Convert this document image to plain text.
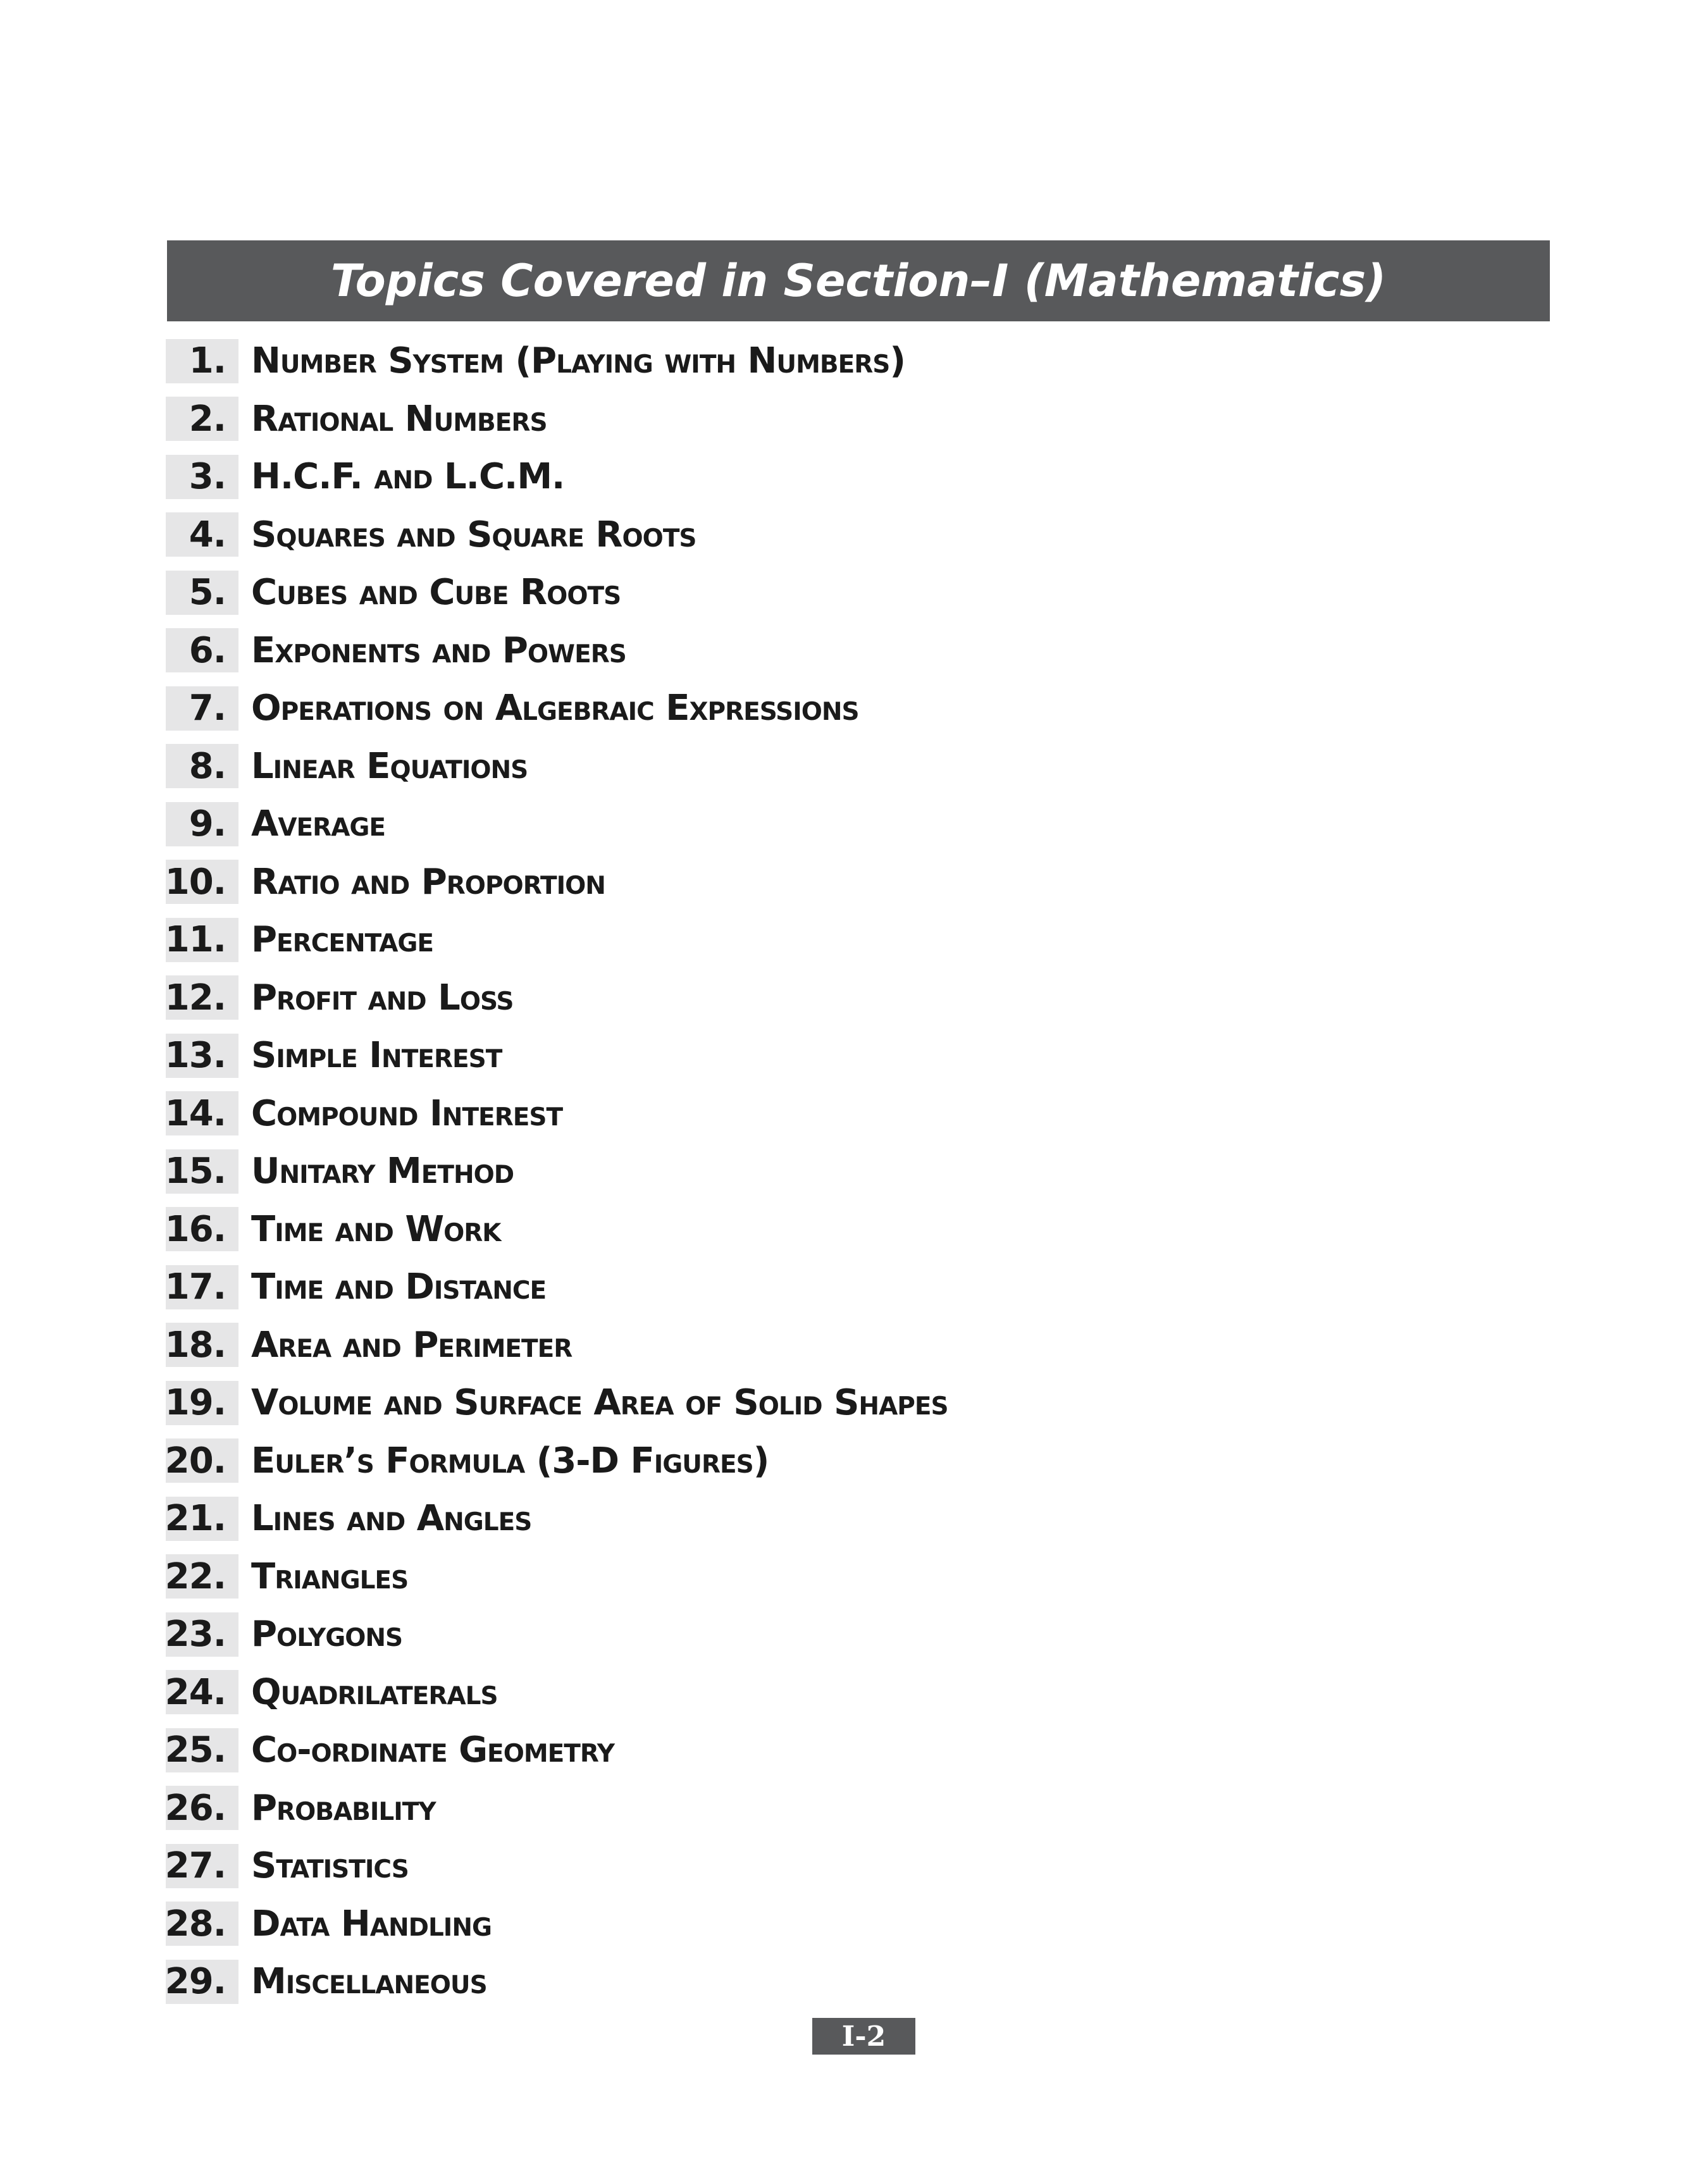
Topics Covered in Section–I (Mathematics)
1. Number System (Playing with Numbers)
2. Rational Numbers
3. H.C.F. and L.C.M.
4. Squares and Square Roots
5. Cubes and Cube Roots
6. Exponents and Powers
7. Operations on Algebraic Expressions
8. Linear Equations
9. Average
10. Ratio and Proportion
11. Percentage
12. Profit and Loss
13. Simple Interest
14. Compound Interest
15. Unitary Method
16. Time and Work
17. Time and Distance
18. Area and Perimeter
19. Volume and Surface Area of Solid Shapes
20. Euler’s Formula (3-D Figures)
21. Lines and Angles
22. Triangles
23. Polygons
24. Quadrilaterals
25. Co-ordinate Geometry
26. Probability
27. Statistics
28. Data Handling
29. Miscellaneous
I-2
